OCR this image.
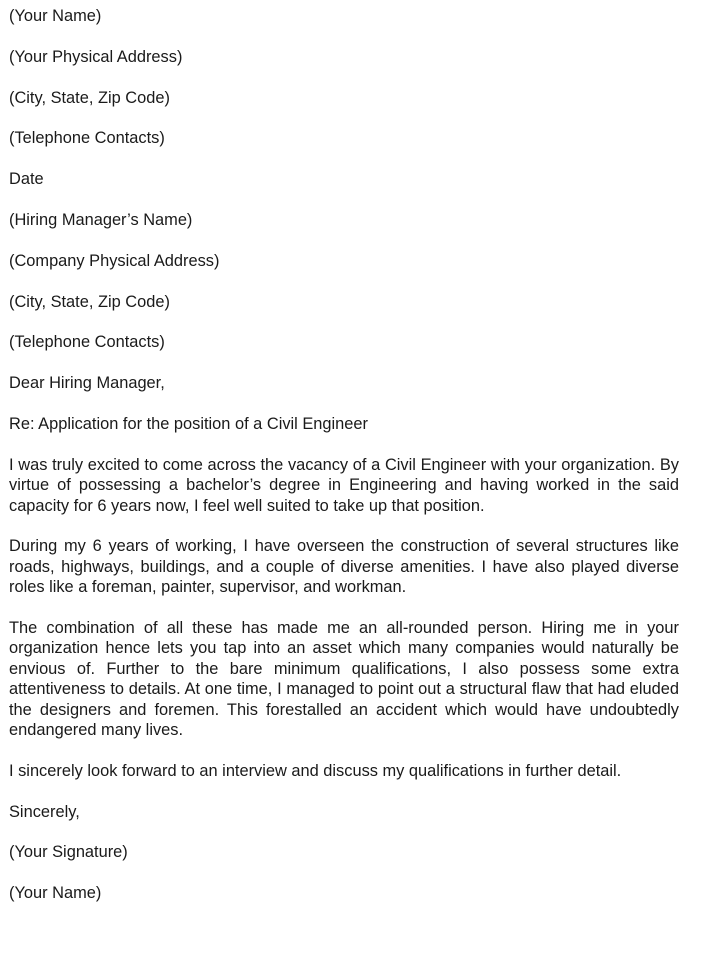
(Your Name)
(Your Physical Address)
(City, State, Zip Code)
(Telephone Contacts)
Date
(Hiring Manager’s Name)
(Company Physical Address)
(City, State, Zip Code)
(Telephone Contacts)
Dear Hiring Manager,
Re: Application for the position of a Civil Engineer
I was truly excited to come across the vacancy of a Civil Engineer with your organization. By virtue of possessing a bachelor’s degree in Engineering and having worked in the said capacity for 6 years now, I feel well suited to take up that position.
During my 6 years of working, I have overseen the construction of several structures like roads, highways, buildings, and a couple of diverse amenities. I have also played diverse roles like a foreman, painter, supervisor, and workman.
The combination of all these has made me an all-rounded person. Hiring me in your organization hence lets you tap into an asset which many companies would naturally be envious of. Further to the bare minimum qualifications, I also possess some extra attentiveness to details. At one time, I managed to point out a structural flaw that had eluded the designers and foremen. This forestalled an accident which would have undoubtedly endangered many lives.
I sincerely look forward to an interview and discuss my qualifications in further detail.
Sincerely,
(Your Signature)
(Your Name)
